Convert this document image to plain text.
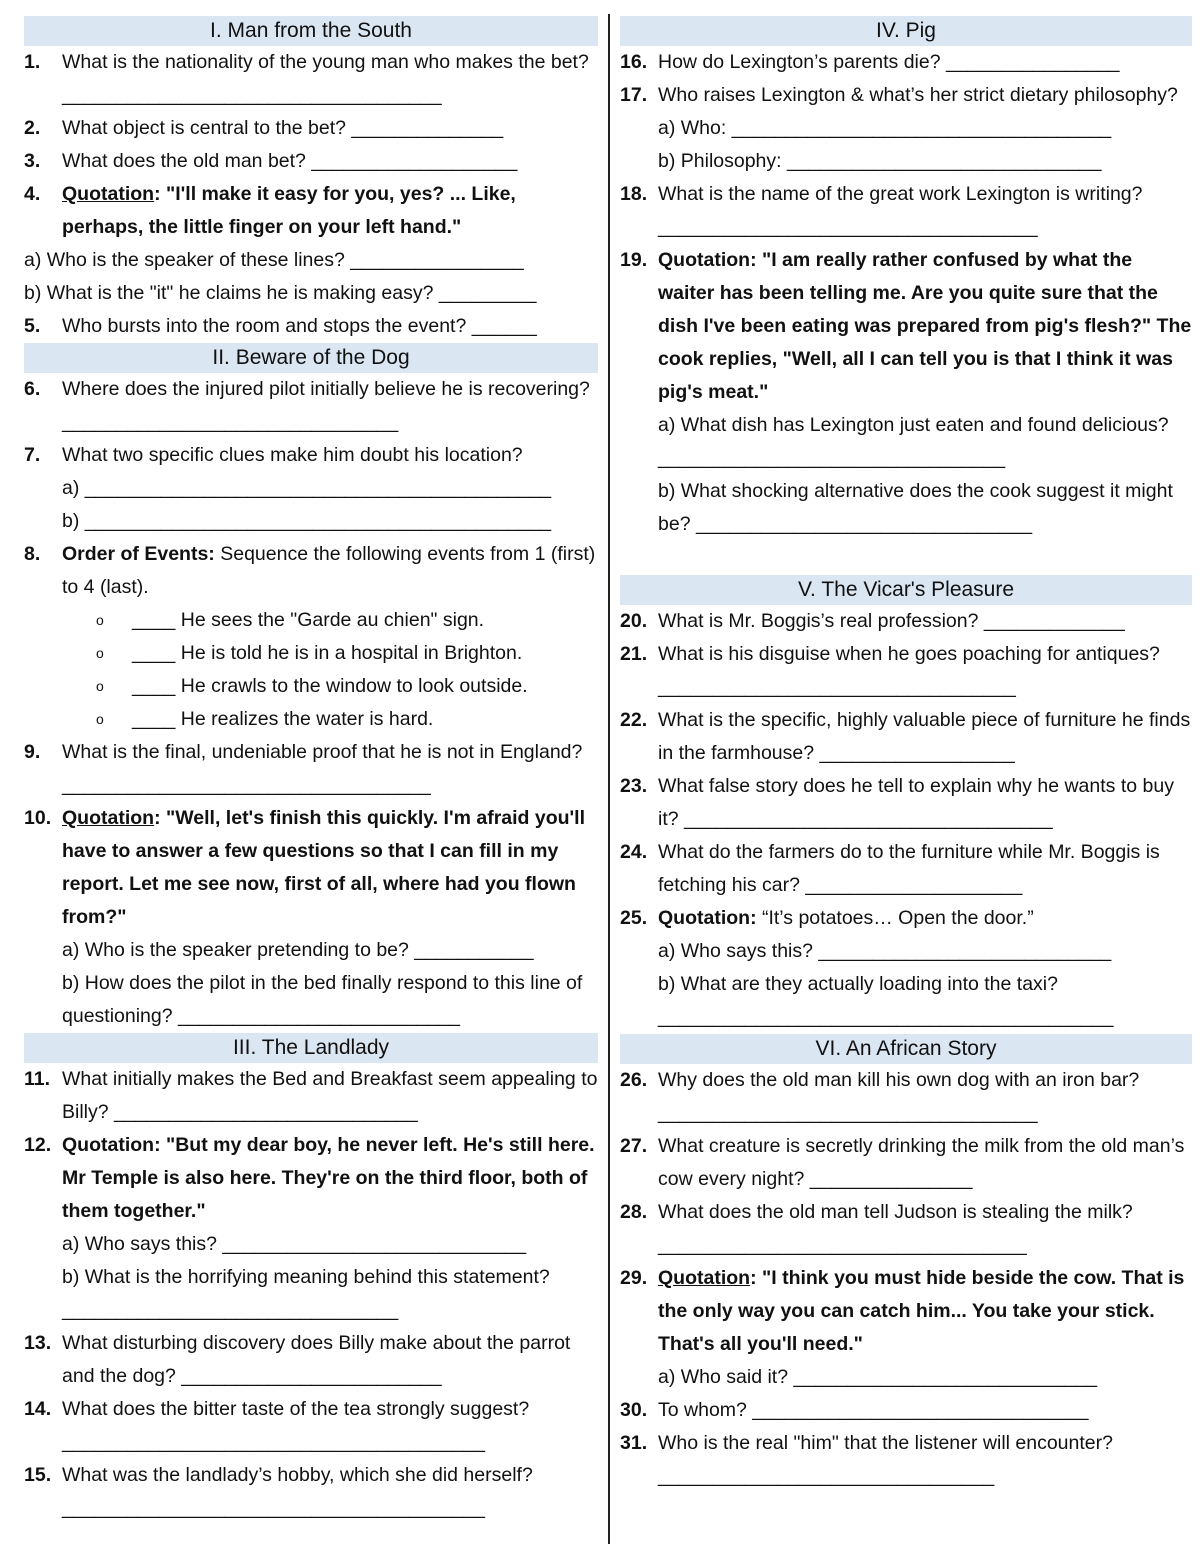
I. Man from the South
1. What is the nationality of the young man who makes the bet? ___________________________________
2. What object is central to the bet? ______________
3. What does the old man bet? ___________________
4. Quotation: "I'll make it easy for you, yes? ... Like, perhaps, the little finger on your left hand."
a) Who is the speaker of these lines? ________________
b) What is the "it" he claims he is making easy? _________
5. Who bursts into the room and stops the event? ______
II. Beware of the Dog
6. Where does the injured pilot initially believe he is recovering? _______________________________
7. What two specific clues make him doubt his location?
a) ___________________________________________
b) ___________________________________________
8. Order of Events: Sequence the following events from 1 (first) to 4 (last).
o ____ He sees the "Garde au chien" sign.
o ____ He is told he is in a hospital in Brighton.
o ____ He crawls to the window to look outside.
o ____ He realizes the water is hard.
9. What is the final, undeniable proof that he is not in England? __________________________________
10. Quotation: "Well, let's finish this quickly. I'm afraid you'll have to answer a few questions so that I can fill in my report. Let me see now, first of all, where had you flown from?"
a) Who is the speaker pretending to be? ___________
b) How does the pilot in the bed finally respond to this line of questioning? __________________________
III. The Landlady
11. What initially makes the Bed and Breakfast seem appealing to Billy? ____________________________
12. Quotation: "But my dear boy, he never left. He's still here. Mr Temple is also here. They're on the third floor, both of them together."
a) Who says this? ____________________________
b) What is the horrifying meaning behind this statement? _______________________________
13. What disturbing discovery does Billy make about the parrot and the dog? ________________________
14. What does the bitter taste of the tea strongly suggest?
_______________________________________
15. What was the landlady’s hobby, which she did herself?
_______________________________________
IV. Pig
16. How do Lexington’s parents die? ________________
17. Who raises Lexington & what’s her strict dietary philosophy?
a) Who: ___________________________________
b) Philosophy: _____________________________
18. What is the name of the great work Lexington is writing? ___________________________________
19. Quotation: "I am really rather confused by what the waiter has been telling me. Are you quite sure that the dish I've been eating was prepared from pig's flesh?" The cook replies, "Well, all I can tell you is that I think it was pig's meat."
a) What dish has Lexington just eaten and found delicious? ________________________________
b) What shocking alternative does the cook suggest it might be? _______________________________
V. The Vicar's Pleasure
20. What is Mr. Boggis’s real profession? _____________
21. What is his disguise when he goes poaching for antiques? _________________________________
22. What is the specific, highly valuable piece of furniture he finds in the farmhouse? __________________
23. What false story does he tell to explain why he wants to buy it? __________________________________
24. What do the farmers do to the furniture while Mr. Boggis is fetching his car? ____________________
25. Quotation: “It’s potatoes… Open the door.”
a) Who says this? ___________________________
b) What are they actually loading into the taxi?
__________________________________________
VI. An African Story
26. Why does the old man kill his own dog with an iron bar? ___________________________________
27. What creature is secretly drinking the milk from the old man’s cow every night? _______________
28. What does the old man tell Judson is stealing the milk?
__________________________________
29. Quotation: "I think you must hide beside the cow. That is the only way you can catch him... You take your stick. That's all you'll need."
a) Who said it? ____________________________
30. To whom? _______________________________
31. Who is the real "him" that the listener will encounter?
_______________________________
